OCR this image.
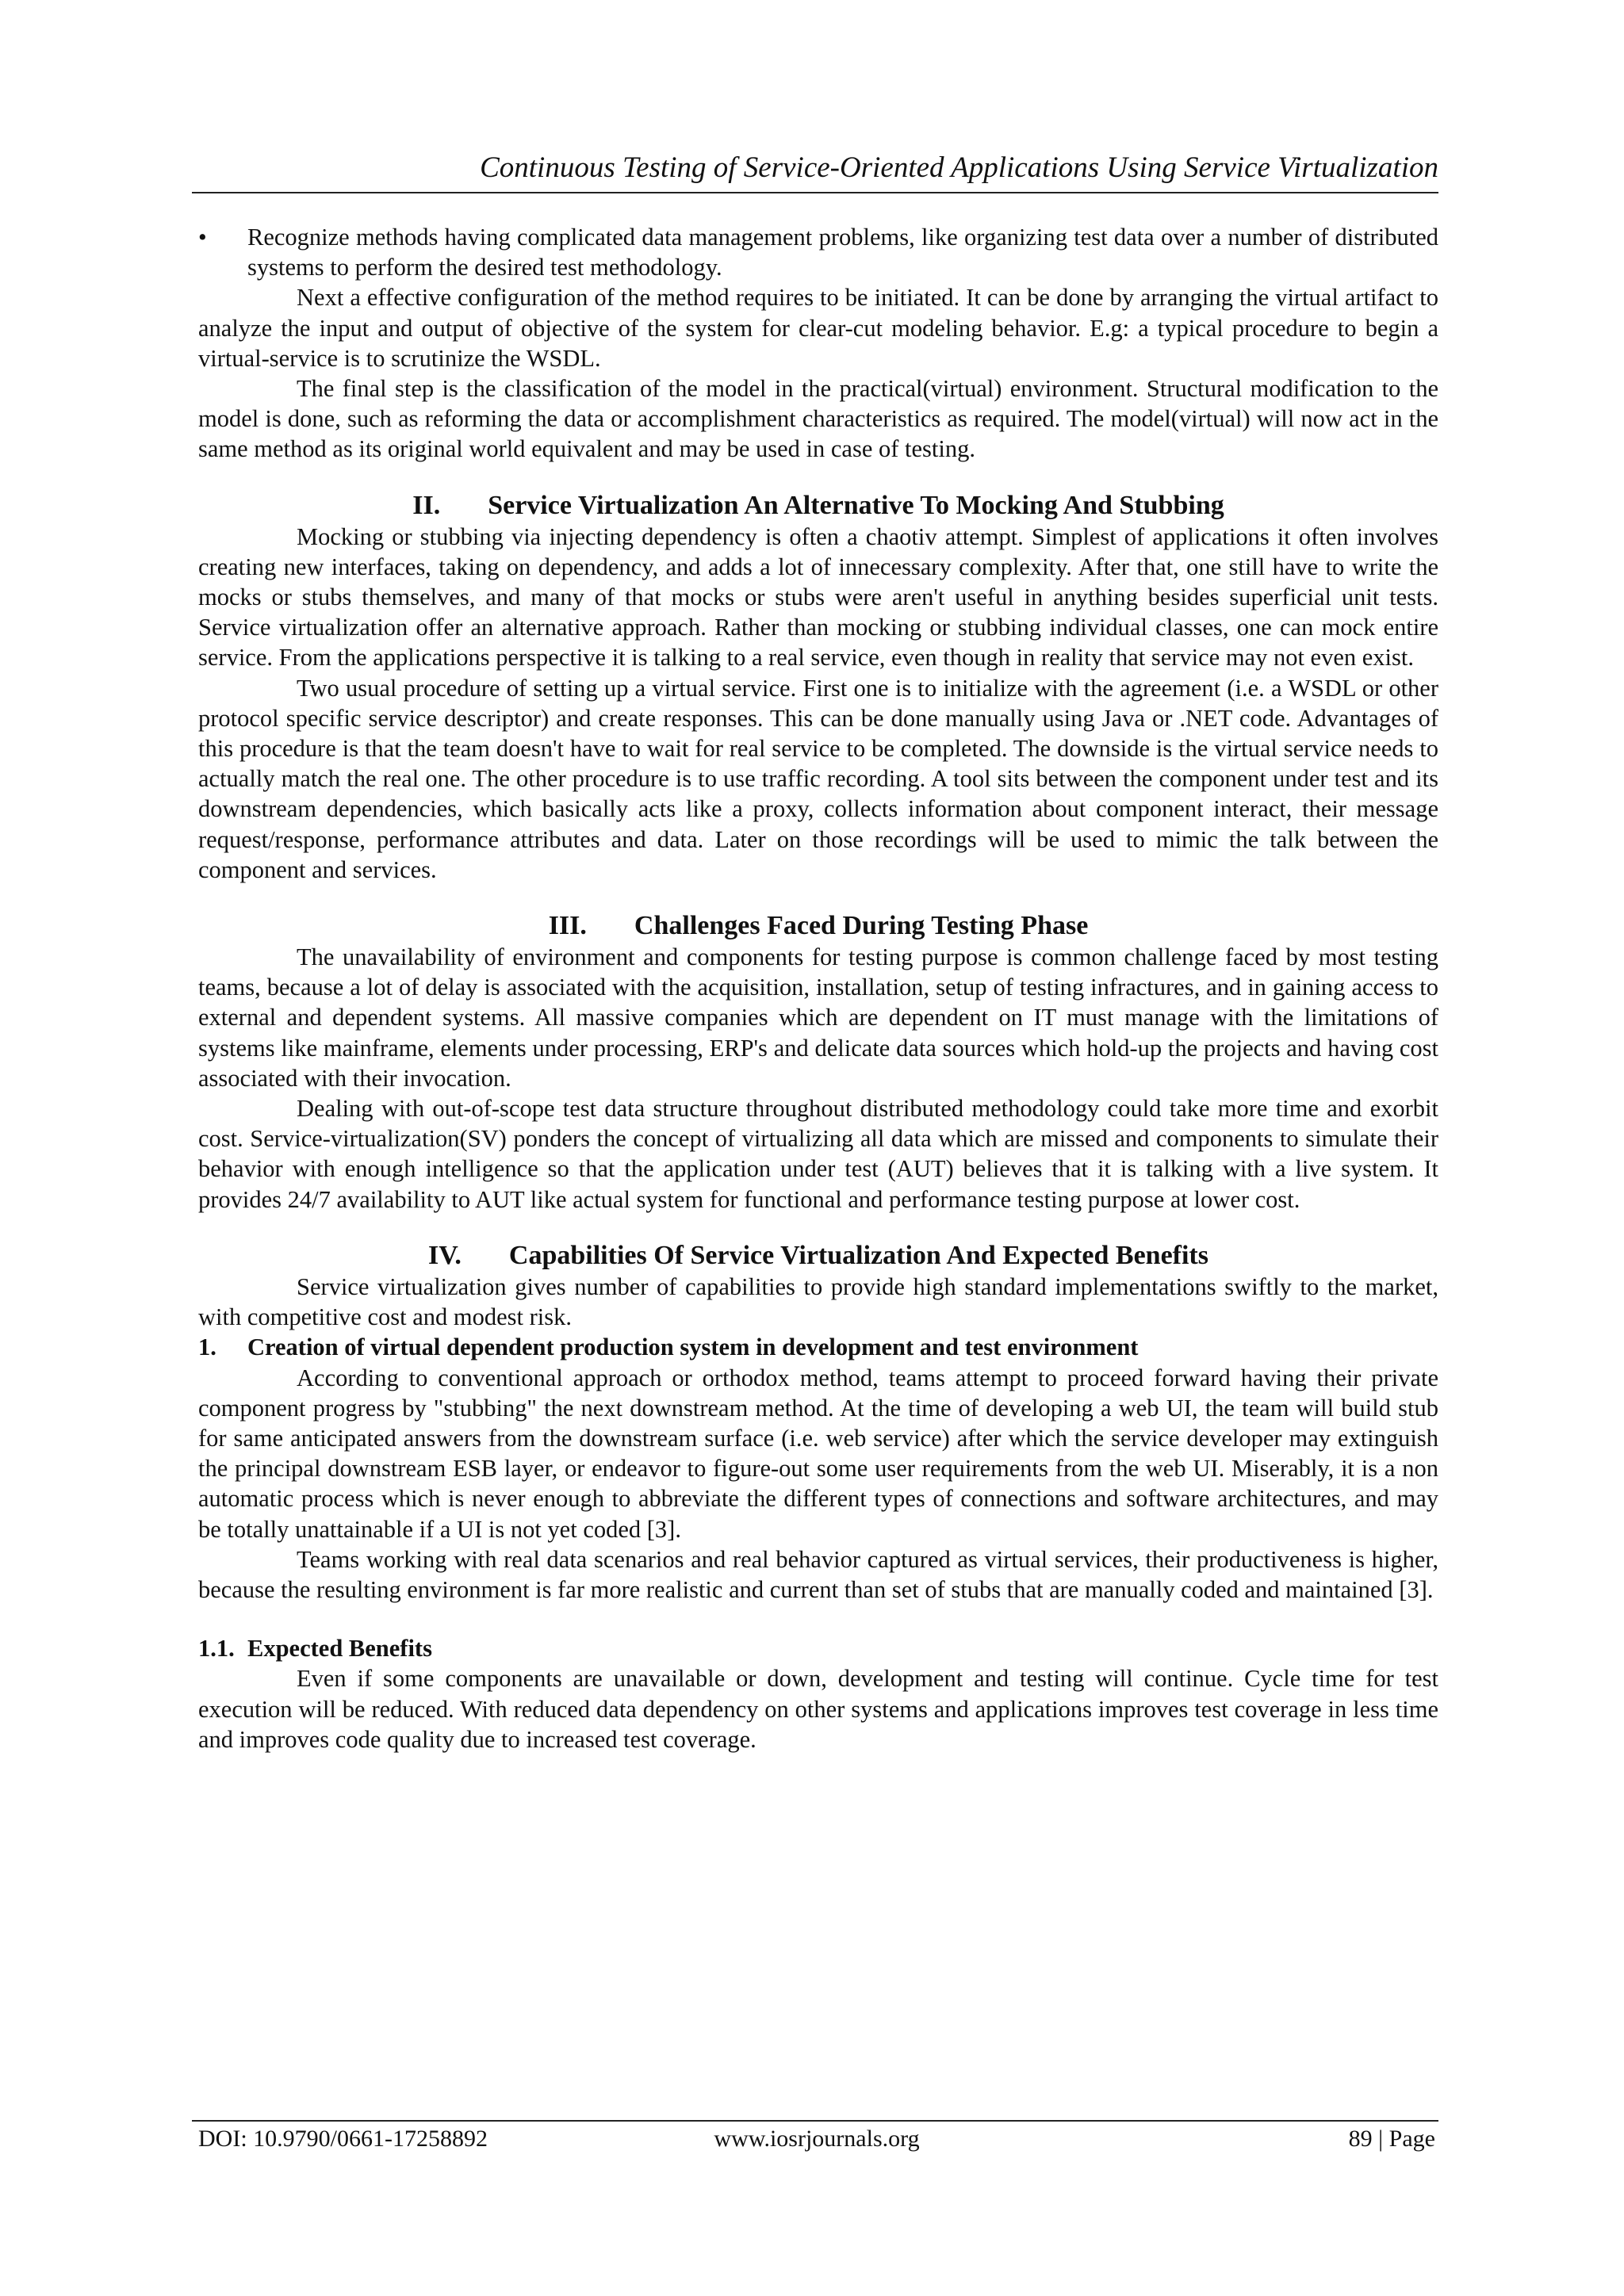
Continuous Testing of Service-Oriented Applications Using Service Virtualization

• Recognize methods having complicated data management problems, like organizing test data over a number of distributed systems to perform the desired test methodology.

Next a effective configuration of the method requires to be initiated. It can be done by arranging the virtual artifact to analyze the input and output of objective of the system for clear-cut modeling behavior. E.g: a typical procedure to begin a virtual-service is to scrutinize the WSDL.

The final step is the classification of the model in the practical(virtual) environment. Structural modification to the model is done, such as reforming the data or accomplishment characteristics as required. The model(virtual) will now act in the same method as its original world equivalent and may be used in case of testing.

II. Service Virtualization An Alternative To Mocking And Stubbing

Mocking or stubbing via injecting dependency is often a chaotiv attempt. Simplest of applications it often involves creating new interfaces, taking on dependency, and adds a lot of innecessary complexity. After that, one still have to write the mocks or stubs themselves, and many of that mocks or stubs were aren't useful in anything besides superficial unit tests. Service virtualization offer an alternative approach. Rather than mocking or stubbing individual classes, one can mock entire service. From the applications perspective it is talking to a real service, even though in reality that service may not even exist.

Two usual procedure of setting up a virtual service. First one is to initialize with the agreement (i.e. a WSDL or other protocol specific service descriptor) and create responses. This can be done manually using Java or .NET code. Advantages of this procedure is that the team doesn't have to wait for real service to be completed. The downside is the virtual service needs to actually match the real one. The other procedure is to use traffic recording. A tool sits between the component under test and its downstream dependencies, which basically acts like a proxy, collects information about component interact, their message request/response, performance attributes and data. Later on those recordings will be used to mimic the talk between the component and services.

III. Challenges Faced During Testing Phase

The unavailability of environment and components for testing purpose is common challenge faced by most testing teams, because a lot of delay is associated with the acquisition, installation, setup of testing infractures, and in gaining access to external and dependent systems. All massive companies which are dependent on IT must manage with the limitations of systems like mainframe, elements under processing, ERP's and delicate data sources which hold-up the projects and having cost associated with their invocation.

Dealing with out-of-scope test data structure throughout distributed methodology could take more time and exorbit cost. Service-virtualization(SV) ponders the concept of virtualizing all data which are missed and components to simulate their behavior with enough intelligence so that the application under test (AUT) believes that it is talking with a live system. It provides 24/7 availability to AUT like actual system for functional and performance testing purpose at lower cost.

IV. Capabilities Of Service Virtualization And Expected Benefits

Service virtualization gives number of capabilities to provide high standard implementations swiftly to the market, with competitive cost and modest risk.

1. Creation of virtual dependent production system in development and test environment

According to conventional approach or orthodox method, teams attempt to proceed forward having their private component progress by "stubbing" the next downstream method. At the time of developing a web UI, the team will build stub for same anticipated answers from the downstream surface (i.e. web service) after which the service developer may extinguish the principal downstream ESB layer, or endeavor to figure-out some user requirements from the web UI. Miserably, it is a non automatic process which is never enough to abbreviate the different types of connections and software architectures, and may be totally unattainable if a UI is not yet coded [3].

Teams working with real data scenarios and real behavior captured as virtual services, their productiveness is higher, because the resulting environment is far more realistic and current than set of stubs that are manually coded and maintained [3].

1.1. Expected Benefits

Even if some components are unavailable or down, development and testing will continue. Cycle time for test execution will be reduced. With reduced data dependency on other systems and applications improves test coverage in less time and improves code quality due to increased test coverage.

DOI: 10.9790/0661-17258892	www.iosrjournals.org	89 | Page
